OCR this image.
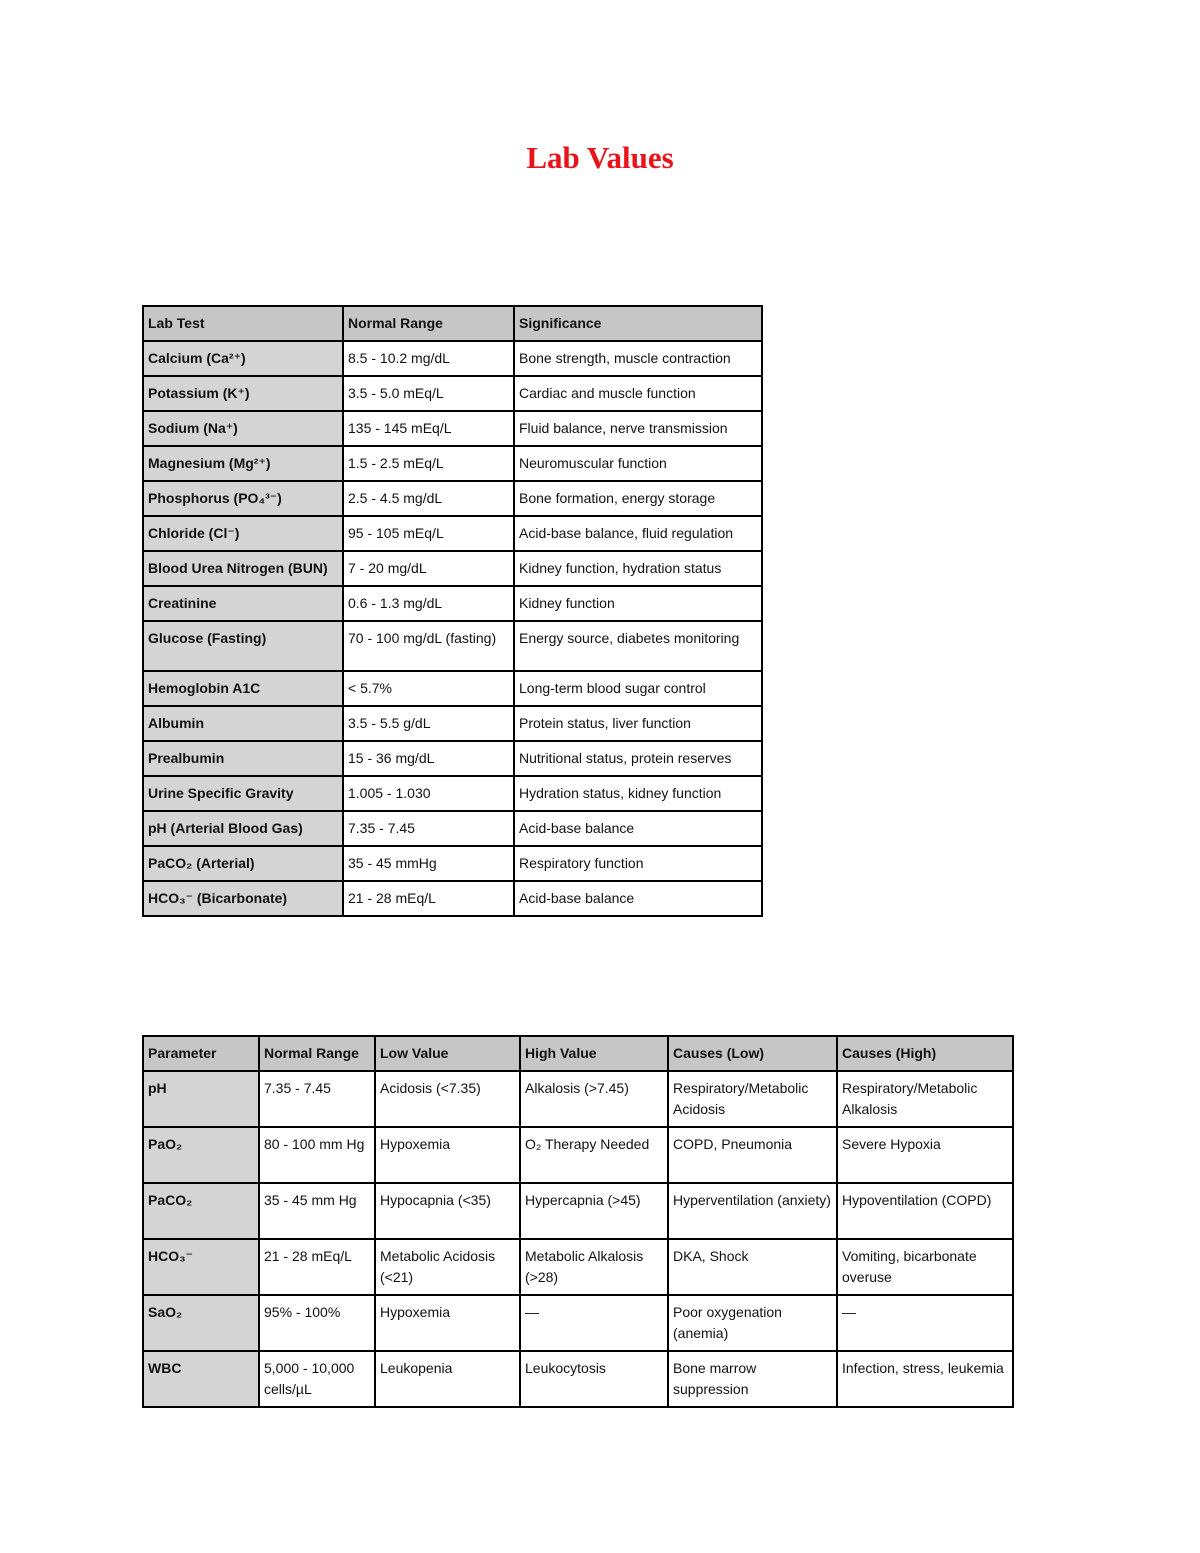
Lab Values
Lab Test	Normal Range	Significance
Calcium (Ca²⁺)	8.5 - 10.2 mg/dL	Bone strength, muscle contraction
Potassium (K⁺)	3.5 - 5.0 mEq/L	Cardiac and muscle function
Sodium (Na⁺)	135 - 145 mEq/L	Fluid balance, nerve transmission
Magnesium (Mg²⁺)	1.5 - 2.5 mEq/L	Neuromuscular function
Phosphorus (PO₄³⁻)	2.5 - 4.5 mg/dL	Bone formation, energy storage
Chloride (Cl⁻)	95 - 105 mEq/L	Acid-base balance, fluid regulation
Blood Urea Nitrogen (BUN)	7 - 20 mg/dL	Kidney function, hydration status
Creatinine	0.6 - 1.3 mg/dL	Kidney function
Glucose (Fasting)	70 - 100 mg/dL (fasting)	Energy source, diabetes monitoring
Hemoglobin A1C	< 5.7%	Long-term blood sugar control
Albumin	3.5 - 5.5 g/dL	Protein status, liver function
Prealbumin	15 - 36 mg/dL	Nutritional status, protein reserves
Urine Specific Gravity	1.005 - 1.030	Hydration status, kidney function
pH (Arterial Blood Gas)	7.35 - 7.45	Acid-base balance
PaCO₂ (Arterial)	35 - 45 mmHg	Respiratory function
HCO₃⁻ (Bicarbonate)	21 - 28 mEq/L	Acid-base balance
Parameter	Normal Range	Low Value	High Value	Causes (Low)	Causes (High)
pH	7.35 - 7.45	Acidosis (<7.35)	Alkalosis (>7.45)	Respiratory/Metabolic Acidosis	Respiratory/Metabolic Alkalosis
PaO₂	80 - 100 mm Hg	Hypoxemia	O₂ Therapy Needed	COPD, Pneumonia	Severe Hypoxia
PaCO₂	35 - 45 mm Hg	Hypocapnia (<35)	Hypercapnia (>45)	Hyperventilation (anxiety)	Hypoventilation (COPD)
HCO₃⁻	21 - 28 mEq/L	Metabolic Acidosis (<21)	Metabolic Alkalosis (>28)	DKA, Shock	Vomiting, bicarbonate overuse
SaO₂	95% - 100%	Hypoxemia	—	Poor oxygenation (anemia)	—
WBC	5,000 - 10,000 cells/µL	Leukopenia	Leukocytosis	Bone marrow suppression	Infection, stress, leukemia
